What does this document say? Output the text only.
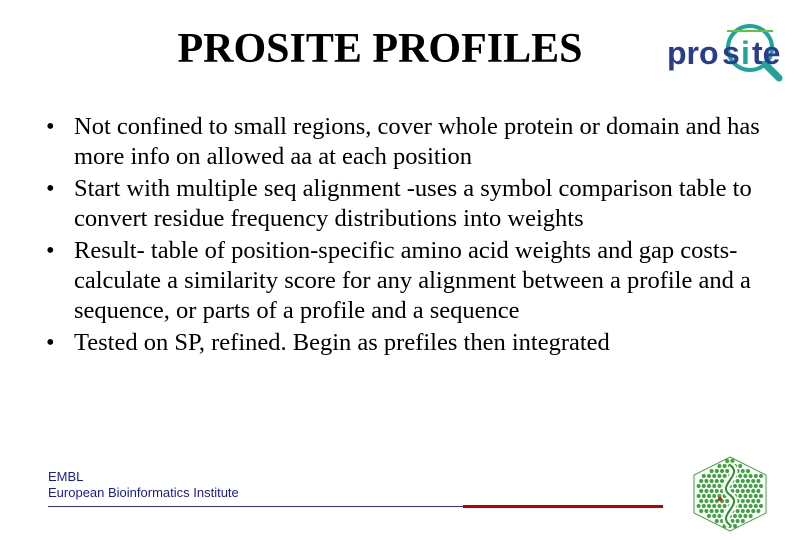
PROSITE PROFILES	pro s i te
• Not confined to small regions, cover whole protein or domain and has more info on allowed aa at each position
• Start with multiple seq alignment -uses a symbol comparison table to convert residue frequency distributions into weights
• Result- table of position-specific amino acid weights and gap costs- calculate a similarity score for any alignment between a profile and a sequence, or parts of a profile and a sequence
• Tested on SP, refined. Begin as prefiles then integrated
EMBL
European Bioinformatics Institute
